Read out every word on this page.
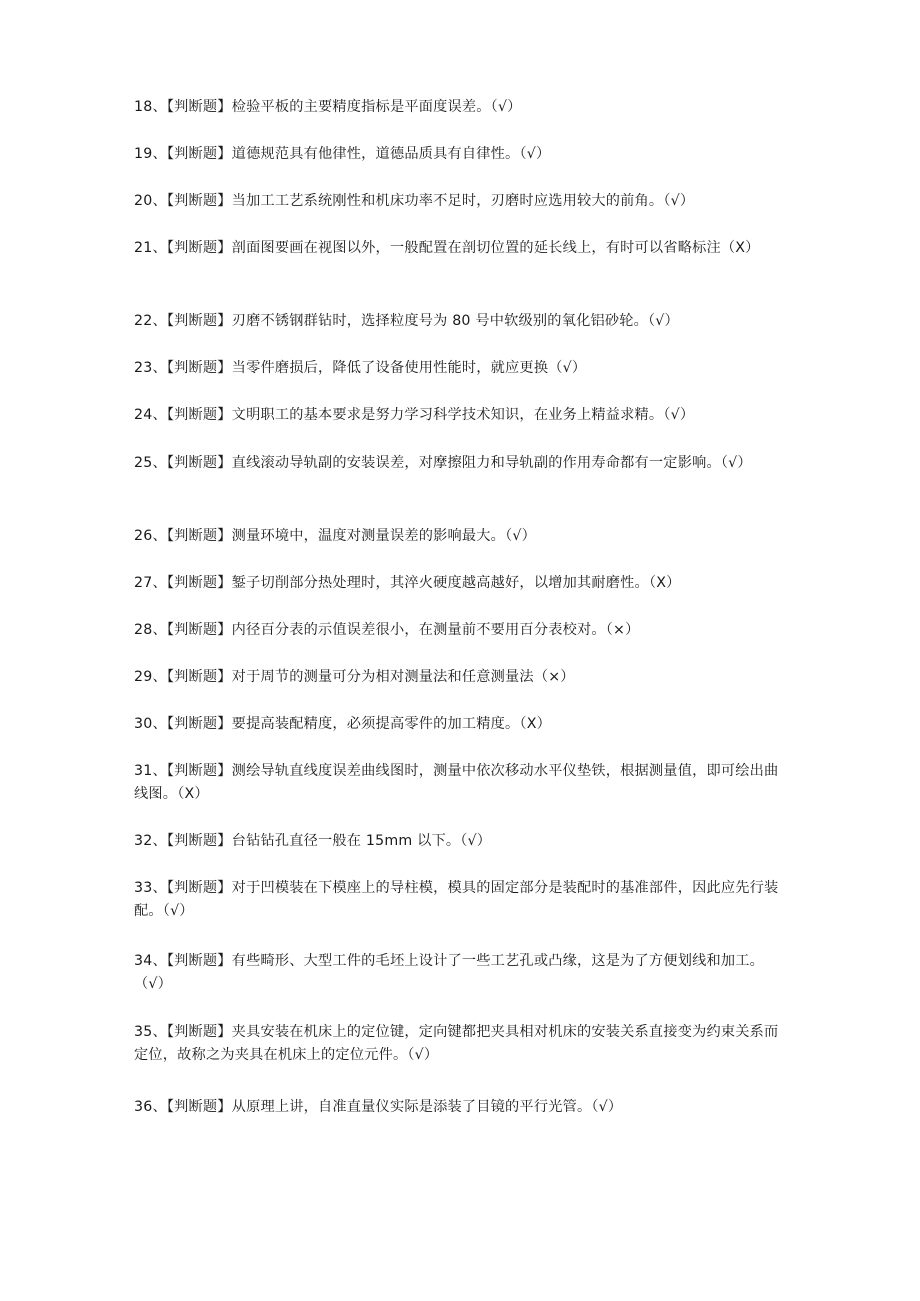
18、【判断题】检验平板的主要精度指标是平面度误差。（√）
19、【判断题】道德规范具有他律性，道德品质具有自律性。（√）
20、【判断题】当加工工艺系统刚性和机床功率不足时，刃磨时应选用较大的前角。（√）
21、【判断题】剖面图要画在视图以外，一般配置在剖切位置的延长线上，有时可以省略标注（X）
22、【判断题】刃磨不锈钢群钻时，选择粒度号为 80 号中软级别的氧化铝砂轮。（√）
23、【判断题】当零件磨损后，降低了设备使用性能时，就应更换（√）
24、【判断题】文明职工的基本要求是努力学习科学技术知识，在业务上精益求精。（√）
25、【判断题】直线滚动导轨副的安装误差，对摩擦阻力和导轨副的作用寿命都有一定影响。（√）
26、【判断题】测量环境中，温度对测量误差的影响最大。（√）
27、【判断题】錾子切削部分热处理时，其淬火硬度越高越好，以增加其耐磨性。（X）
28、【判断题】内径百分表的示值误差很小，在测量前不要用百分表校对。（×）
29、【判断题】对于周节的测量可分为相对测量法和任意测量法（×）
30、【判断题】要提高装配精度，必须提高零件的加工精度。（X）
31、【判断题】测绘导轨直线度误差曲线图时，测量中依次移动水平仪垫铁，根据测量值，即可绘出曲线图。（X）
32、【判断题】台钻钻孔直径一般在 15mm 以下。（√）
33、【判断题】对于凹模装在下模座上的导柱模，模具的固定部分是装配时的基准部件，因此应先行装配。（√）
34、【判断题】有些畸形、大型工件的毛坯上设计了一些工艺孔或凸缘，这是为了方便划线和加工。（√）
35、【判断题】夹具安装在机床上的定位键，定向键都把夹具相对机床的安装关系直接变为约束关系而定位，故称之为夹具在机床上的定位元件。（√）
36、【判断题】从原理上讲，自准直量仪实际是添装了目镜的平行光管。（√）
